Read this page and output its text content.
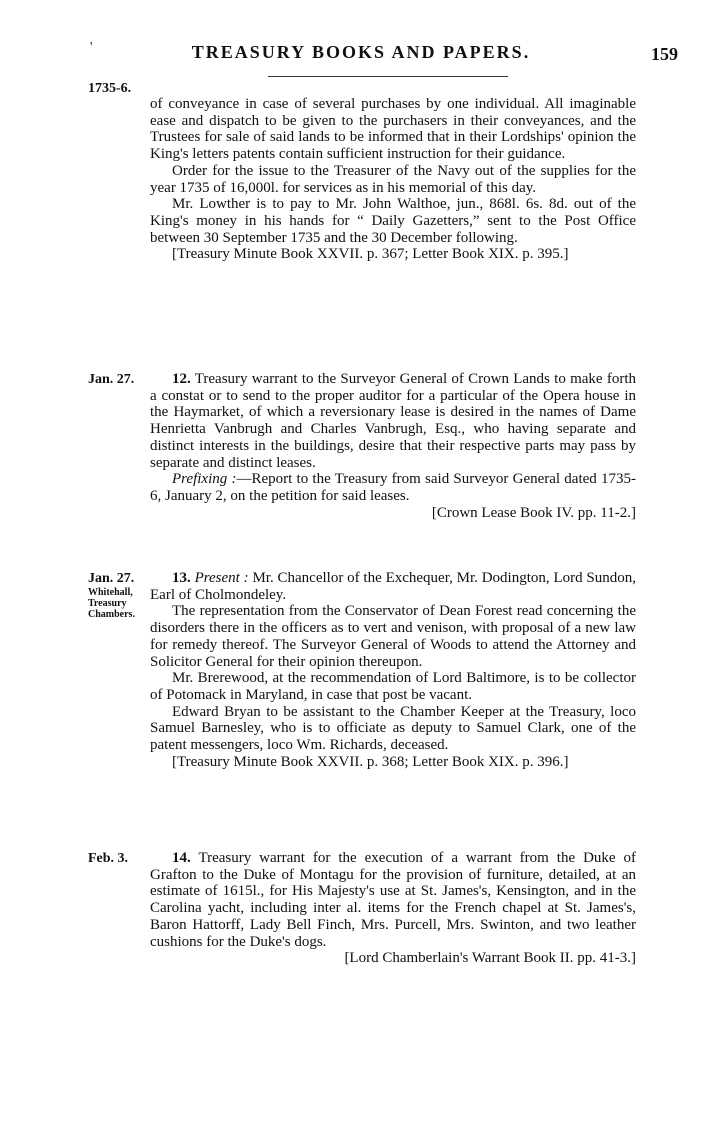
'	TREASURY BOOKS AND PAPERS.	159
1735-6.

of conveyance in case of several purchases by one individual. All imaginable ease and dispatch to be given to the purchasers in their conveyances, and the Trustees for sale of said lands to be informed that in their Lordships' opinion the King's letters patents contain sufficient instruction for their guidance.

Order for the issue to the Treasurer of the Navy out of the supplies for the year 1735 of 16,000l. for services as in his memorial of this day.

Mr. Lowther is to pay to Mr. John Walthoe, jun., 868l. 6s. 8d. out of the King's money in his hands for “ Daily Gazetters,” sent to the Post Office between 30 September 1735 and the 30 December following.

[Treasury Minute Book XXVII. p. 367; Letter Book XIX. p. 395.]

Jan. 27.	12. Treasury warrant to the Surveyor General of Crown Lands to make forth a constat or to send to the proper auditor for a particular of the Opera house in the Haymarket, of which a reversionary lease is desired in the names of Dame Henrietta Vanbrugh and Charles Vanbrugh, Esq., who having separate and distinct interests in the buildings, desire that their respective parts may pass by separate and distinct leases.

Prefixing :—Report to the Treasury from said Surveyor General dated 1735-6, January 2, on the petition for said leases.

[Crown Lease Book IV. pp. 11-2.]

Jan. 27.
Whitehall,
Treasury
Chambers.

13. Present : Mr. Chancellor of the Exchequer, Mr. Dodington, Lord Sundon, Earl of Cholmondeley.

The representation from the Conservator of Dean Forest read concerning the disorders there in the officers as to vert and venison, with proposal of a new law for remedy thereof. The Surveyor General of Woods to attend the Attorney and Solicitor General for their opinion thereupon.

Mr. Brerewood, at the recommendation of Lord Baltimore, is to be collector of Potomack in Maryland, in case that post be vacant.

Edward Bryan to be assistant to the Chamber Keeper at the Treasury, loco Samuel Barnesley, who is to officiate as deputy to Samuel Clark, one of the patent messengers, loco Wm. Richards, deceased.

[Treasury Minute Book XXVII. p. 368; Letter Book XIX. p. 396.]

Feb. 3.	14. Treasury warrant for the execution of a warrant from the Duke of Grafton to the Duke of Montagu for the provision of furniture, detailed, at an estimate of 1615l., for His Majesty's use at St. James's, Kensington, and in the Carolina yacht, including inter al. items for the French chapel at St. James's, Baron Hattorff, Lady Bell Finch, Mrs. Purcell, Mrs. Swinton, and two leather cushions for the Duke's dogs.

[Lord Chamberlain's Warrant Book II. pp. 41-3.]
